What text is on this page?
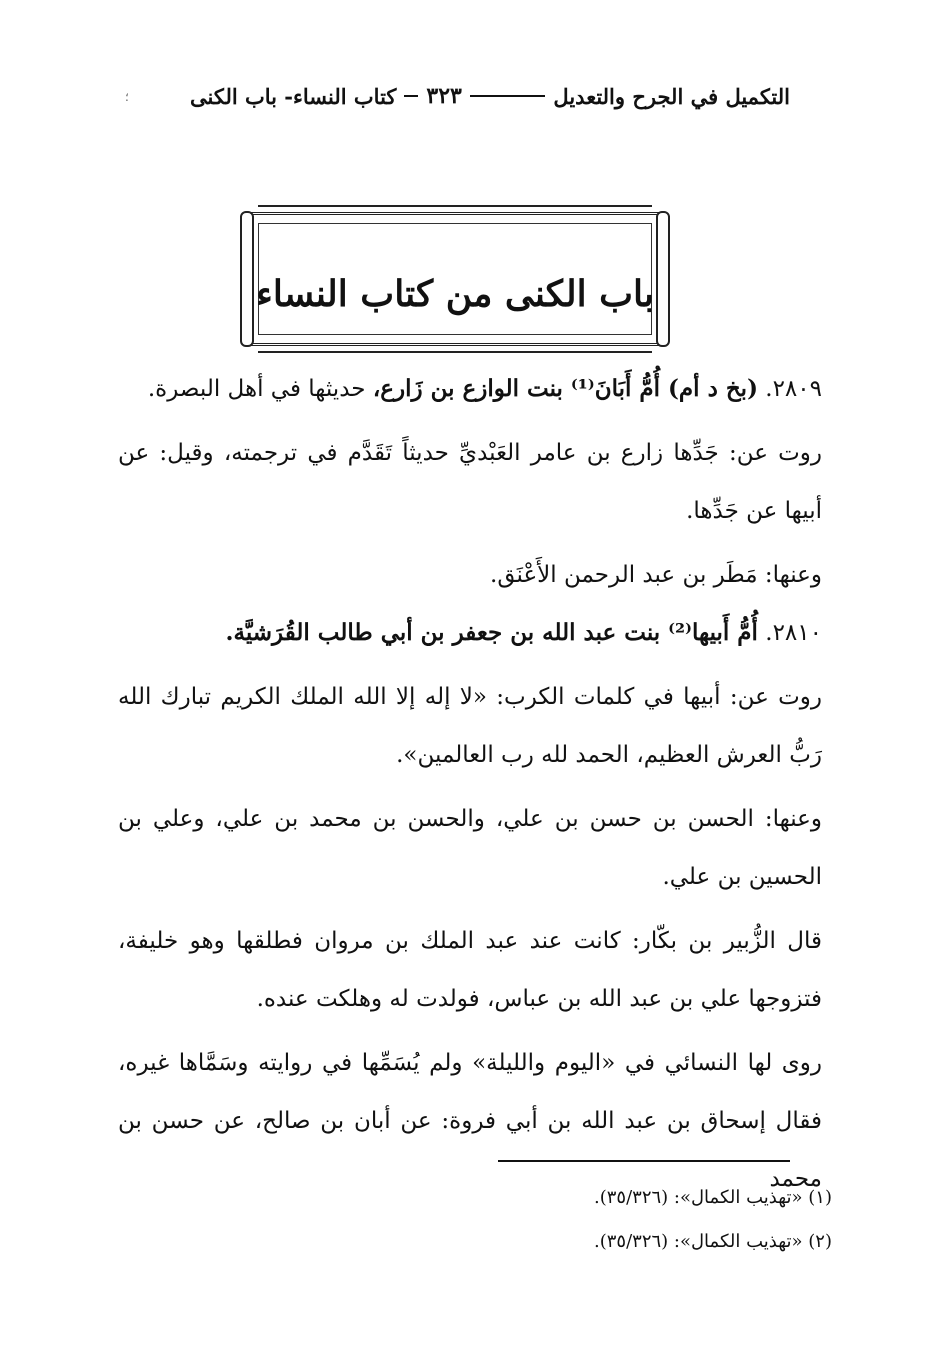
؛	التكميل في الجرح والتعديل
٣٢٣
كتاب النساء- باب الكنى
باب الكنى من كتاب النساء

٢٨٠٩. (بخ د أم) أُمُّ أَبَانَ⁽¹⁾ بنت الوازع بن زَارع، حديثها في أهل البصرة.

روت عن: جَدِّها زارع بن عامر العَبْديِّ حديثاً تَقَدَّم في ترجمته، وقيل: عن أبيها عن جَدِّها.

وعنها: مَطَر بن عبد الرحمن الأَعْنَق.

٢٨١٠. أُمُّ أَبيها⁽²⁾ بنت عبد الله بن جعفر بن أبي طالب القُرَشيَّة.

روت عن: أبيها في كلمات الكرب: «لا إله إلا الله الملك الكريم تبارك الله رَبُّ العرش العظيم، الحمد لله رب العالمين».

وعنها: الحسن بن حسن بن علي، والحسن بن محمد بن علي، وعلي بن الحسين بن علي.

قال الزُّبير بن بكّار: كانت عند عبد الملك بن مروان فطلقها وهو خليفة، فتزوجها علي بن عبد الله بن عباس، فولدت له وهلكت عنده.

روى لها النسائي في «اليوم والليلة» ولم يُسَمِّها في روايته وسَمَّاها غيره، فقال إسحاق بن عبد الله بن أبي فروة: عن أبان بن صالح، عن حسن بن محمد

(١) «تهذيب الكمال»: (٣٥/٣٢٦).

(٢) «تهذيب الكمال»: (٣٥/٣٢٦).
